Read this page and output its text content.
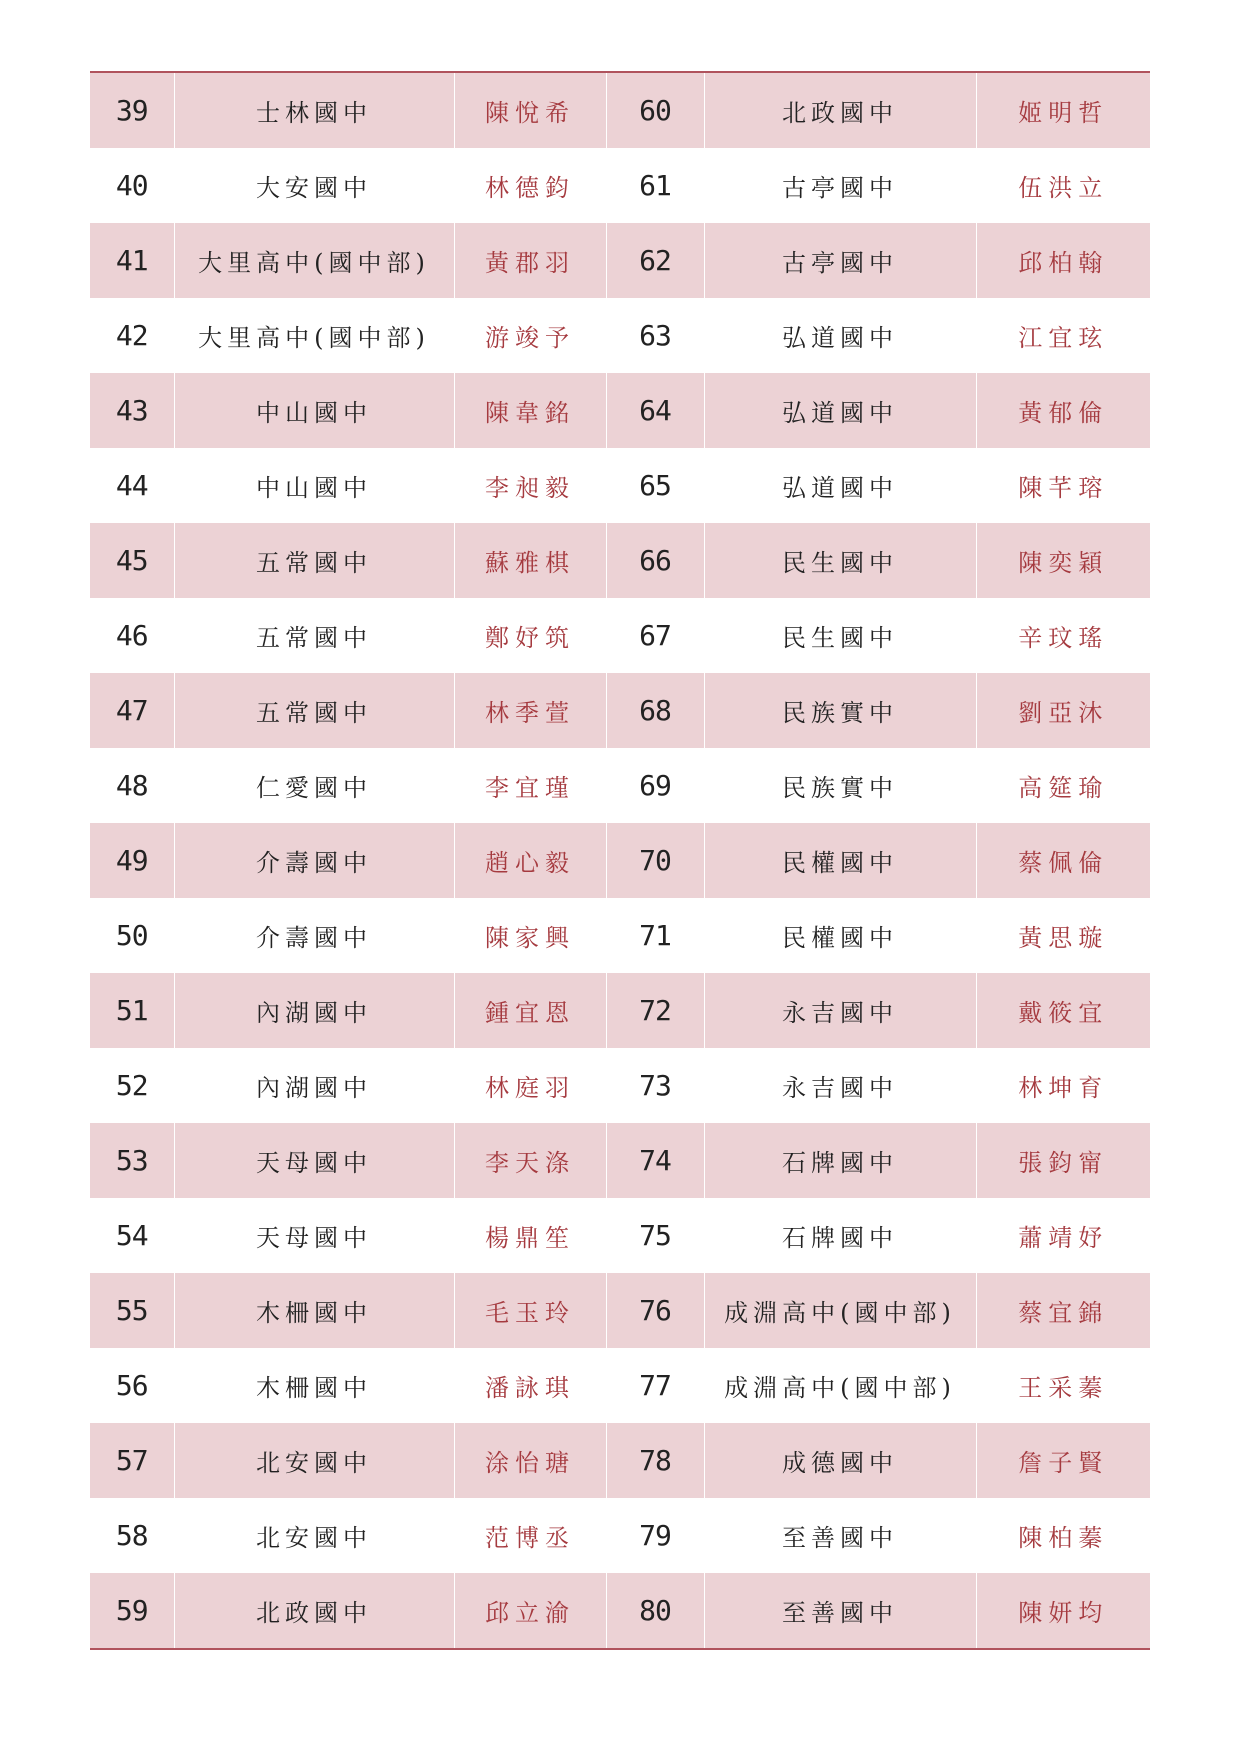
39	士林國中	陳悅希	60	北政國中	姬明哲
40	大安國中	林德鈞	61	古亭國中	伍洪立
41	大里高中(國中部)	黃郡羽	62	古亭國中	邱柏翰
42	大里高中(國中部)	游竣予	63	弘道國中	江宜玹
43	中山國中	陳韋銘	64	弘道國中	黃郁倫
44	中山國中	李昶毅	65	弘道國中	陳芊瑢
45	五常國中	蘇雅棋	66	民生國中	陳奕穎
46	五常國中	鄭妤筑	67	民生國中	辛玟瑤
47	五常國中	林季萱	68	民族實中	劉亞沐
48	仁愛國中	李宜瑾	69	民族實中	高筵瑜
49	介壽國中	趙心毅	70	民權國中	蔡佩倫
50	介壽國中	陳家興	71	民權國中	黃思璇
51	內湖國中	鍾宜恩	72	永吉國中	戴筱宜
52	內湖國中	林庭羽	73	永吉國中	林坤育
53	天母國中	李天涤	74	石牌國中	張鈞甯
54	天母國中	楊鼎笙	75	石牌國中	蕭靖妤
55	木柵國中	毛玉玲	76	成淵高中(國中部)	蔡宜錦
56	木柵國中	潘詠琪	77	成淵高中(國中部)	王采蓁
57	北安國中	涂怡瑭	78	成德國中	詹子賢
58	北安國中	范博丞	79	至善國中	陳柏蓁
59	北政國中	邱立渝	80	至善國中	陳妍均
